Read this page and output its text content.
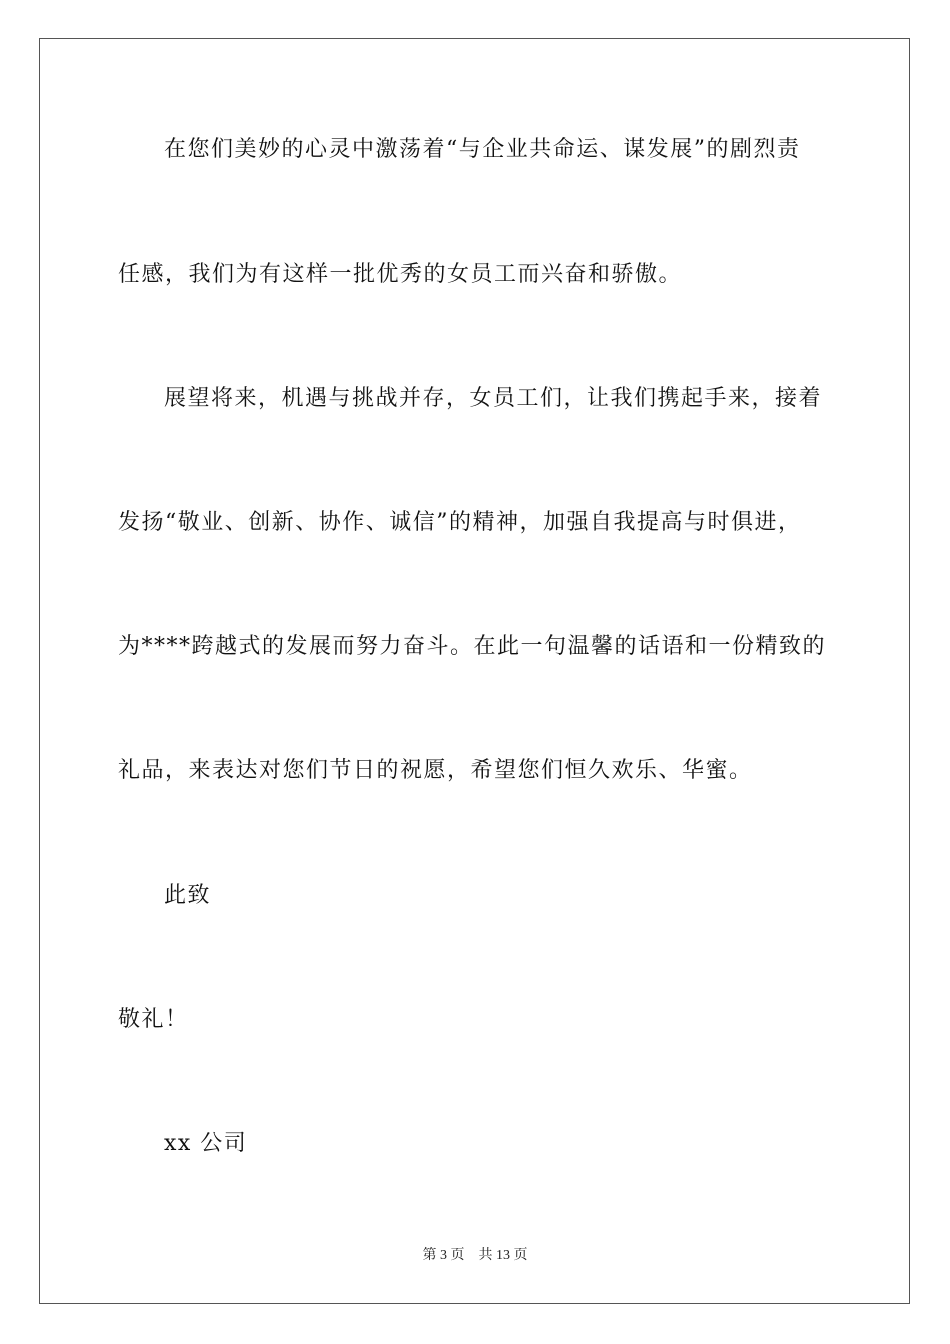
在您们美妙的心灵中激荡着“与企业共命运、谋发展”的剧烈责
任感，我们为有这样一批优秀的女员工而兴奋和骄傲。
展望将来，机遇与挑战并存，女员工们，让我们携起手来，接着
发扬“敬业、创新、协作、诚信”的精神，加强自我提高与时俱进，
为****跨越式的发展而努力奋斗。在此一句温馨的话语和一份精致的
礼品，来表达对您们节日的祝愿，希望您们恒久欢乐、华蜜。
此致
敬礼！
xx 公司
第 3 页 共 13 页
